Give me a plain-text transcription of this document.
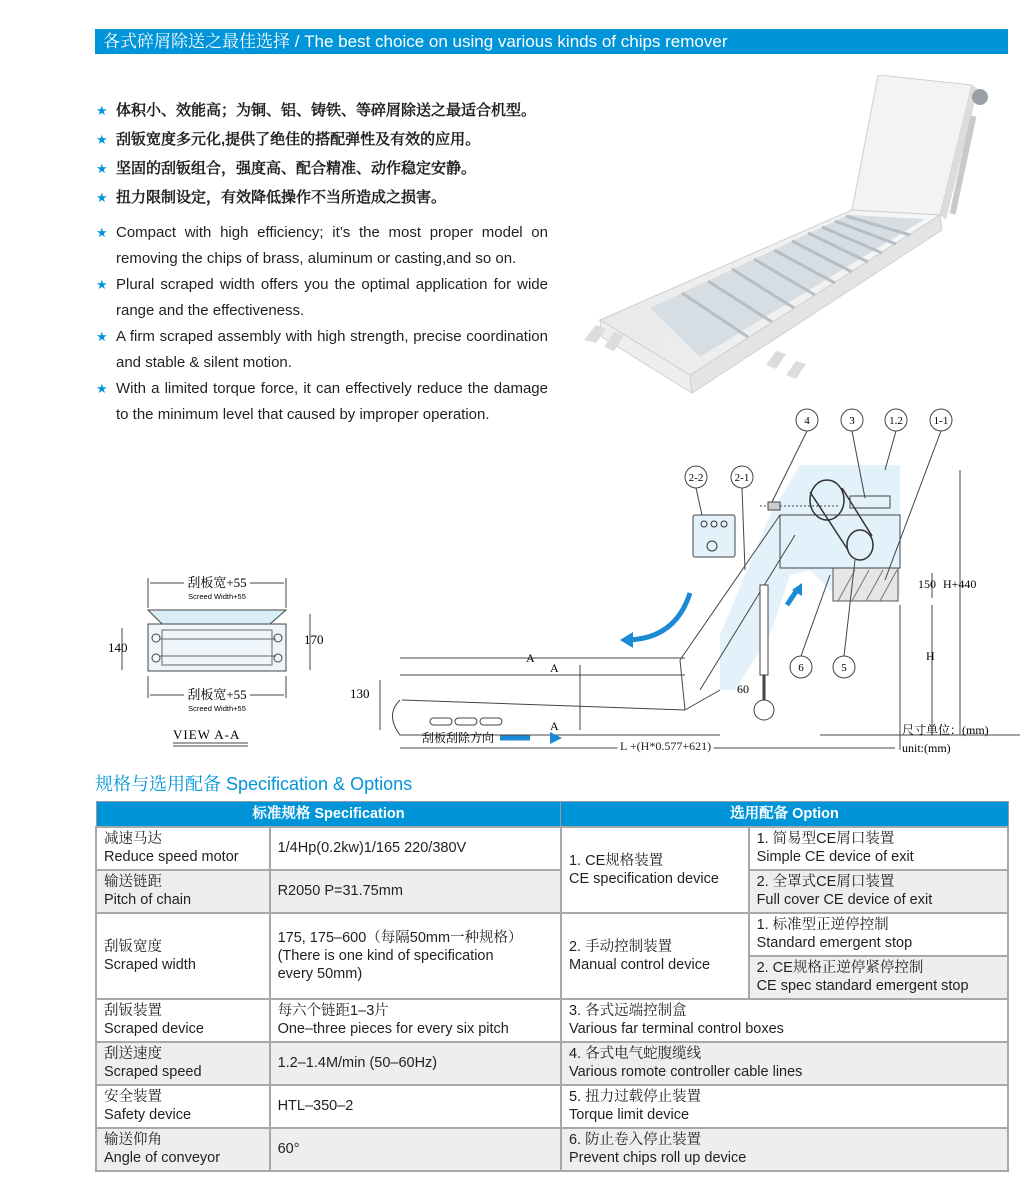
各式碎屑除送之最佳选择 / The best choice on using various kinds of chips remover
★ 体积小、效能高；为铜、铝、铸铁、等碎屑除送之最适合机型。
★ 刮钣宽度多元化,提供了绝佳的搭配弹性及有效的应用。
★ 坚固的刮钣组合，强度高、配合精准、动作稳定安静。
★ 扭力限制设定，有效降低操作不当所造成之损害。
★ Compact with high efficiency; it’s the most proper model on removing the chips of brass, aluminum or casting,and so on.
★ Plural scraped width offers you the optimal application for wide range and the effectiveness.
★ A firm scraped assembly with high strength, precise coordination and stable & silent motion.
★ With a limited torque force, it can effectively reduce the damage to the minimum level that caused by improper operation.	4	3	1.2	1-1
2-2	2-1
6	5
A
A
A
130	60
150 H+440
H
L +(H*0.577+621)
刮板刮除方向
尺寸单位：(mm)
unit:(mm)
刮板宽+55
Screed Width+55
刮板宽+55
Screed Width+55
140
170
VIEW A-A
规格与选用配备 Specification & Options
标准规格 Specification		选用配备 Option	

减速马达
Reduce speed motor	1/4Hp(0.2kw)1/165 220/380V	1. CE规格装置
CE specification device	1. 简易型CE屑口装置
Simple CE device of exit

输送链距
Pitch of chain	R2050 P=31.75mm		2. 全罩式CE屑口装置
Full cover CE device of exit

刮钣宽度
Scraped width	175, 175–600（每隔50mm一种规格）
(There is one kind of specification
every 50mm)	2. 手动控制装置
Manual control device	1. 标准型正逆停控制
Standard emergent stop

			2. CE规格正逆停紧停控制
CE spec standard emergent stop

刮钣装置
Scraped device	每六个链距1–3片
One–three pieces for every six pitch	3. 各式远端控制盒
Various far terminal control boxes	

刮送速度
Scraped speed	1.2–1.4M/min (50–60Hz)	4. 各式电气蛇腹缆线
Various romote controller cable lines	

安全装置
Safety device	HTL–350–2	5. 扭力过载停止装置
Torque limit device	

输送仰角
Angle of conveyor	60°	6. 防止卷入停止装置
Prevent chips roll up device	
